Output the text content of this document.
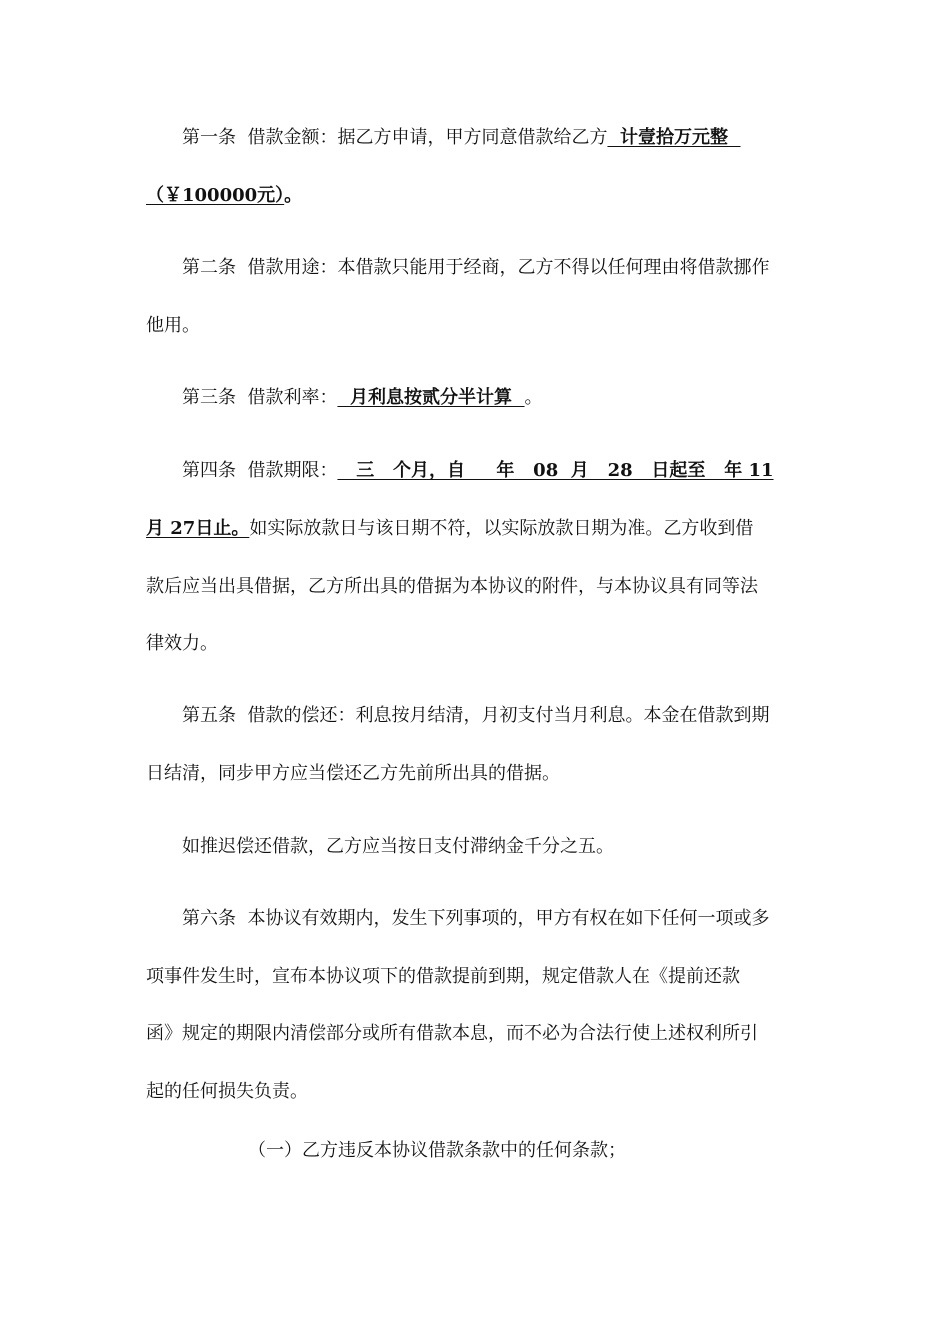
第一条  借款金额：据乙方申请，甲方同意借款给乙方  计壹拾万元整
（￥100000元）。
第二条  借款用途：本借款只能用于经商，乙方不得以任何理由将借款挪作
他用。
第三条  借款利率：  月利息按贰分半计算  。
第四条  借款期限：   三   个月，自     年   08  月   28   日起至   年 11
月 27日止。如实际放款日与该日期不符，以实际放款日期为准。乙方收到借
款后应当出具借据，乙方所出具的借据为本协议的附件，与本协议具有同等法
律效力。
第五条  借款的偿还：利息按月结清，月初支付当月利息。本金在借款到期
日结清，同步甲方应当偿还乙方先前所出具的借据。
如推迟偿还借款，乙方应当按日支付滞纳金千分之五。
第六条  本协议有效期内，发生下列事项的，甲方有权在如下任何一项或多
项事件发生时，宣布本协议项下的借款提前到期，规定借款人在《提前还款
函》规定的期限内清偿部分或所有借款本息，而不必为合法行使上述权利所引
起的任何损失负责。
（一）乙方违反本协议借款条款中的任何条款；
